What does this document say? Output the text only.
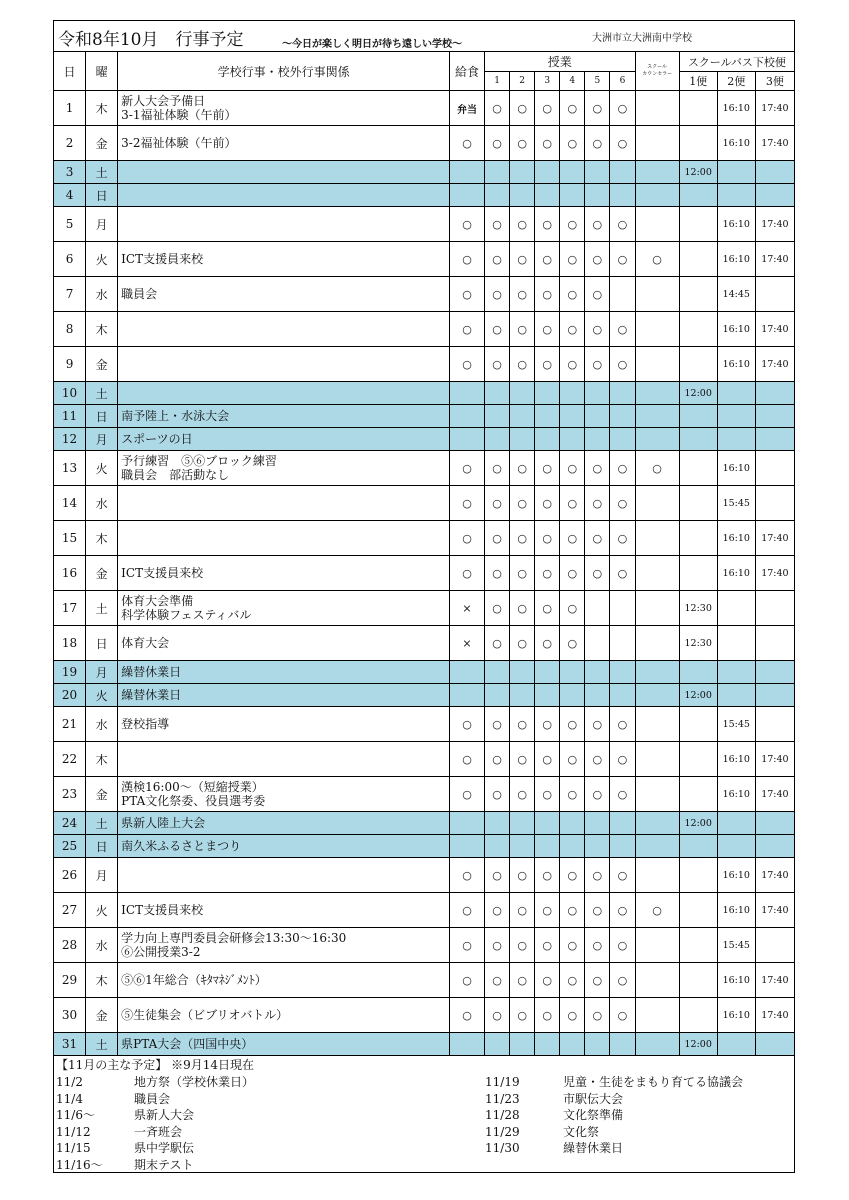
令和8年10月　行事予定	～今日が楽しく明日が待ち遠しい学校～
大洲市立大洲南中学校
日	曜	学校行事・校外行事関係	給食	授業						スクール
カウンセラー	スクールバス下校便		
				1	2	3	4	5	6		1便	2便	3便
1	木	新人大会予備日
3-1福祉体験（午前）	弁当	○	○	○	○	○	○			16:10	17:40
2	金	3-2福祉体験（午前）	○	○	○	○	○	○	○			16:10	17:40
3	土										12:00		
4	日	

5	月		○	○	○	○	○	○	○			16:10	17:40
6	火	ICT支援員来校	○	○	○	○	○	○	○	○		16:10	17:40
7	水	職員会	○	○	○	○	○	○				14:45	
8	木		○	○	○	○	○	○	○			16:10	17:40
9	金		○	○	○	○	○	○	○			16:10	17:40
10	土										12:00		
11	日	南予陸上・水泳大会											

12	月	スポーツの日											

13	火	予行練習　⑤⑥ブロック練習
職員会　部活動なし	○	○	○	○	○	○	○	○		16:10	
14	水		○	○	○	○	○	○	○			15:45	
15	木		○	○	○	○	○	○	○			16:10	17:40
16	金	ICT支援員来校	○	○	○	○	○	○	○			16:10	17:40
17	土	体育大会準備
科学体験フェスティバル	×	○	○	○	○				12:30		
18	日	体育大会	×	○	○	○	○				12:30		
19	月	繰替休業日											

20	火	繰替休業日									12:00		
21	水	登校指導	○	○	○	○	○	○	○			15:45	
22	木		○	○	○	○	○	○	○			16:10	17:40
23	金	漢検16:00～（短縮授業）
PTA文化祭委、役員選考委	○	○	○	○	○	○	○			16:10	17:40
24	土	県新人陸上大会									12:00		
25	日	南久米ふるさとまつり											

26	月		○	○	○	○	○	○	○			16:10	17:40
27	火	ICT支援員来校	○	○	○	○	○	○	○	○		16:10	17:40
28	水	学力向上専門委員会研修会13:30～16:30
⑥公開授業3-2	○	○	○	○	○	○	○			15:45	
29	木	⑤⑥1年総合（ｷﾀﾏﾈｼﾞﾒﾝﾄ）	○	○	○	○	○	○	○			16:10	17:40
30	金	⑤生徒集会（ビブリオバトル）	○	○	○	○	○	○	○			16:10	17:40
31	土	県PTA大会（四国中央）									12:00		
【11月の主な予定】 ※9月14日現在
11/2	地方祭（学校休業日）
11/4	職員会
11/6～	県新人大会
11/12	一斉班会
11/15	県中学駅伝
11/16～	期末テスト
11/19	児童・生徒をまもり育てる協議会
11/23	市駅伝大会
11/28	文化祭準備
11/29	文化祭
11/30	繰替休業日
